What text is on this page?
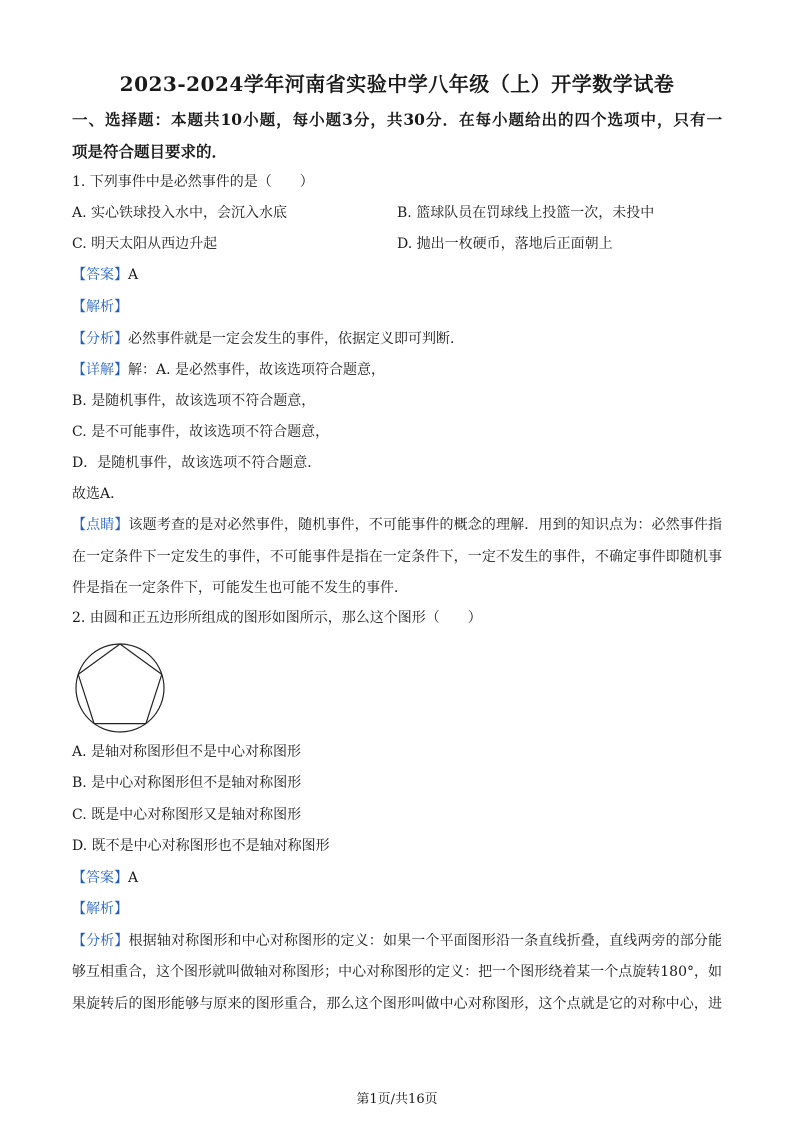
2023-2024学年河南省实验中学八年级（上）开学数学试卷
一、选择题：本题共10小题，每小题3分，共30分．在每小题给出的四个选项中，只有一
项是符合题目要求的．
1. 下列事件中是必然事件的是（　　）
A. 实心铁球投入水中，会沉入水底	B. 篮球队员在罚球线上投篮一次，未投中
C. 明天太阳从西边升起	D. 抛出一枚硬币，落地后正面朝上
【答案】A
【解析】
【分析】必然事件就是一定会发生的事件，依据定义即可判断．
【详解】解：A. 是必然事件，故该选项符合题意，
B. 是随机事件，故该选项不符合题意，
C. 是不可能事件，故该选项不符合题意，
D．是随机事件，故该选项不符合题意．
故选A．
【点睛】该题考查的是对必然事件，随机事件，不可能事件的概念的理解．用到的知识点为：必然事件指
在一定条件下一定发生的事件，不可能事件是指在一定条件下，一定不发生的事件，不确定事件即随机事
件是指在一定条件下，可能发生也可能不发生的事件．
2. 由圆和正五边形所组成的图形如图所示，那么这个图形（　　）
A. 是轴对称图形但不是中心对称图形
B. 是中心对称图形但不是轴对称图形
C. 既是中心对称图形又是轴对称图形
D. 既不是中心对称图形也不是轴对称图形
【答案】A
【解析】
【分析】根据轴对称图形和中心对称图形的定义：如果一个平面图形沿一条直线折叠，直线两旁的部分能
够互相重合，这个图形就叫做轴对称图形；中心对称图形的定义：把一个图形绕着某一个点旋转180°，如
果旋转后的图形能够与原来的图形重合，那么这个图形叫做中心对称图形，这个点就是它的对称中心，进
第1页/共16页
